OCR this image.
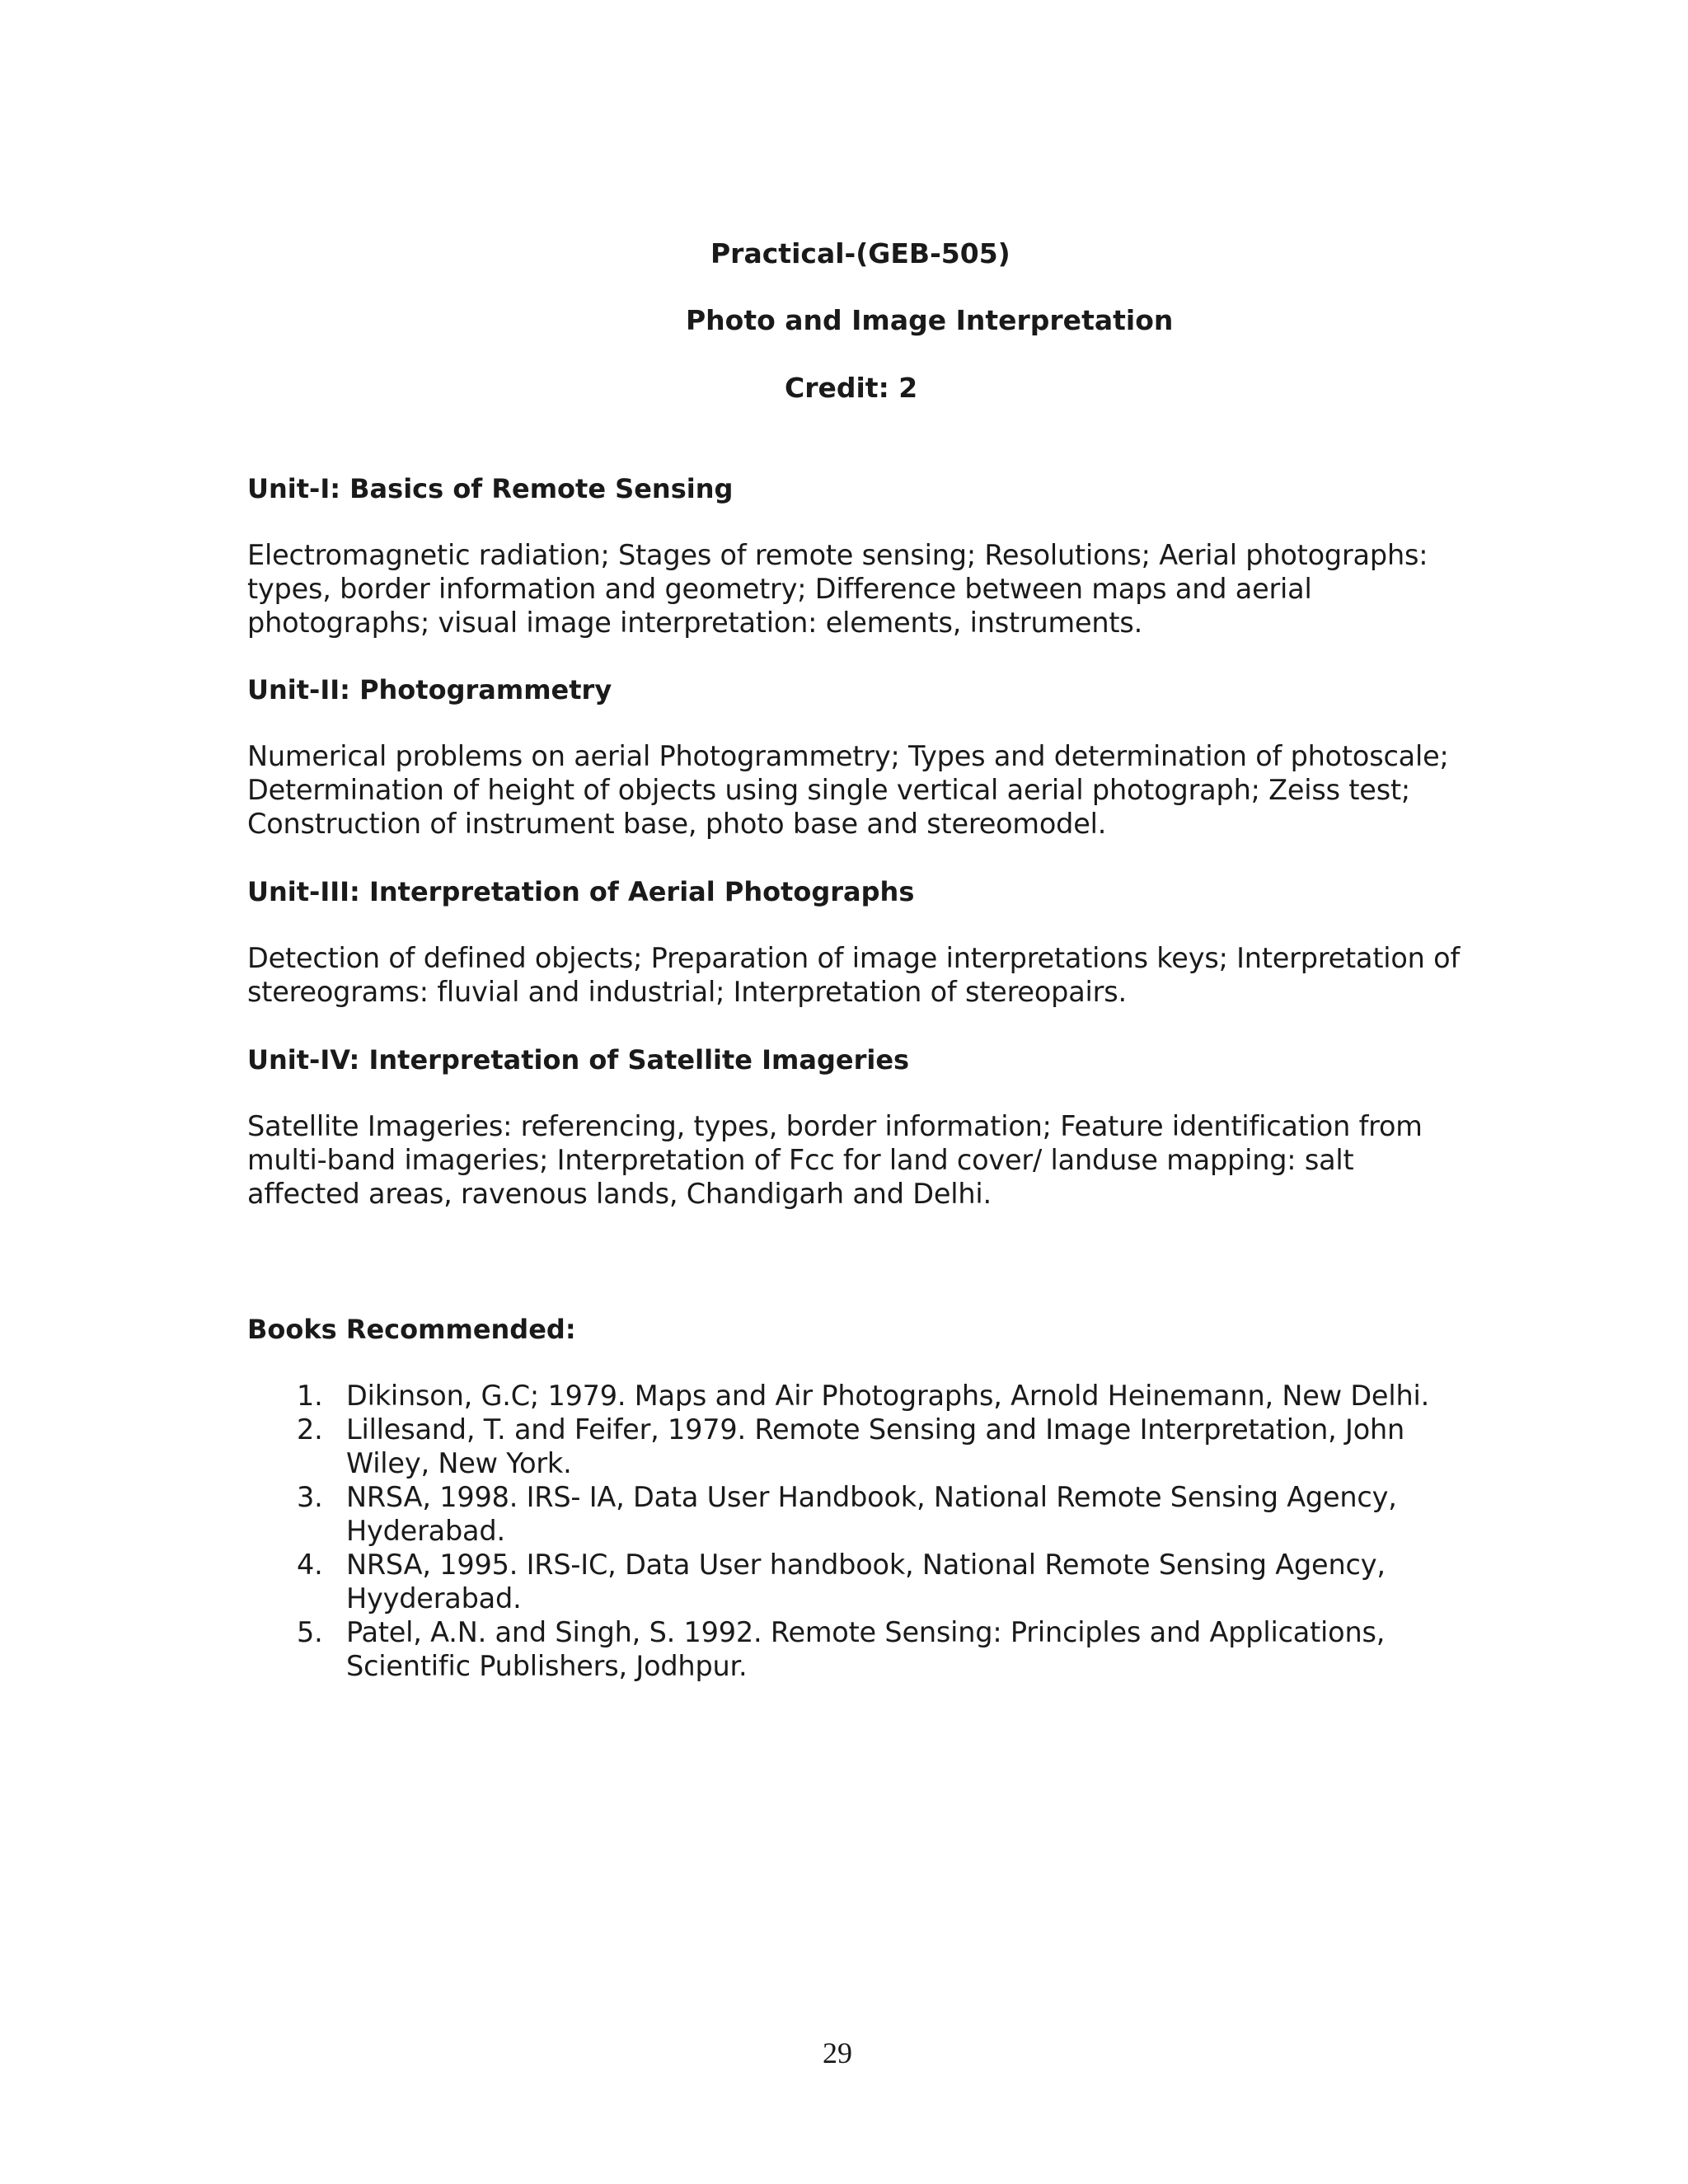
Practical-(GEB-505)
Photo and Image Interpretation
Credit: 2
Unit-I: Basics of Remote Sensing
Electromagnetic radiation; Stages of remote sensing; Resolutions; Aerial photographs:
types, border information and geometry; Difference between maps and aerial
photographs; visual image interpretation: elements, instruments.
Unit-II: Photogrammetry
Numerical problems on aerial Photogrammetry; Types and determination of photoscale;
Determination of height of objects using single vertical aerial photograph; Zeiss test;
Construction of instrument base, photo base and stereomodel.
Unit-III: Interpretation of Aerial Photographs
Detection of defined objects; Preparation of image interpretations keys; Interpretation of
stereograms: fluvial and industrial; Interpretation of stereopairs.
Unit-IV: Interpretation of Satellite Imageries
Satellite Imageries: referencing, types, border information; Feature identification from
multi-band imageries; Interpretation of Fcc for land cover/ landuse mapping: salt
affected areas, ravenous lands, Chandigarh and Delhi.
Books Recommended:
1. Dikinson, G.C; 1979. Maps and Air Photographs, Arnold Heinemann, New Delhi.
2. Lillesand, T. and Feifer, 1979. Remote Sensing and Image Interpretation, John
Wiley, New York.
3. NRSA, 1998. IRS- IA, Data User Handbook, National Remote Sensing Agency,
Hyderabad.
4. NRSA, 1995. IRS-IC, Data User handbook, National Remote Sensing Agency,
Hyyderabad.
5. Patel, A.N. and Singh, S. 1992. Remote Sensing: Principles and Applications,
Scientific Publishers, Jodhpur.
29
